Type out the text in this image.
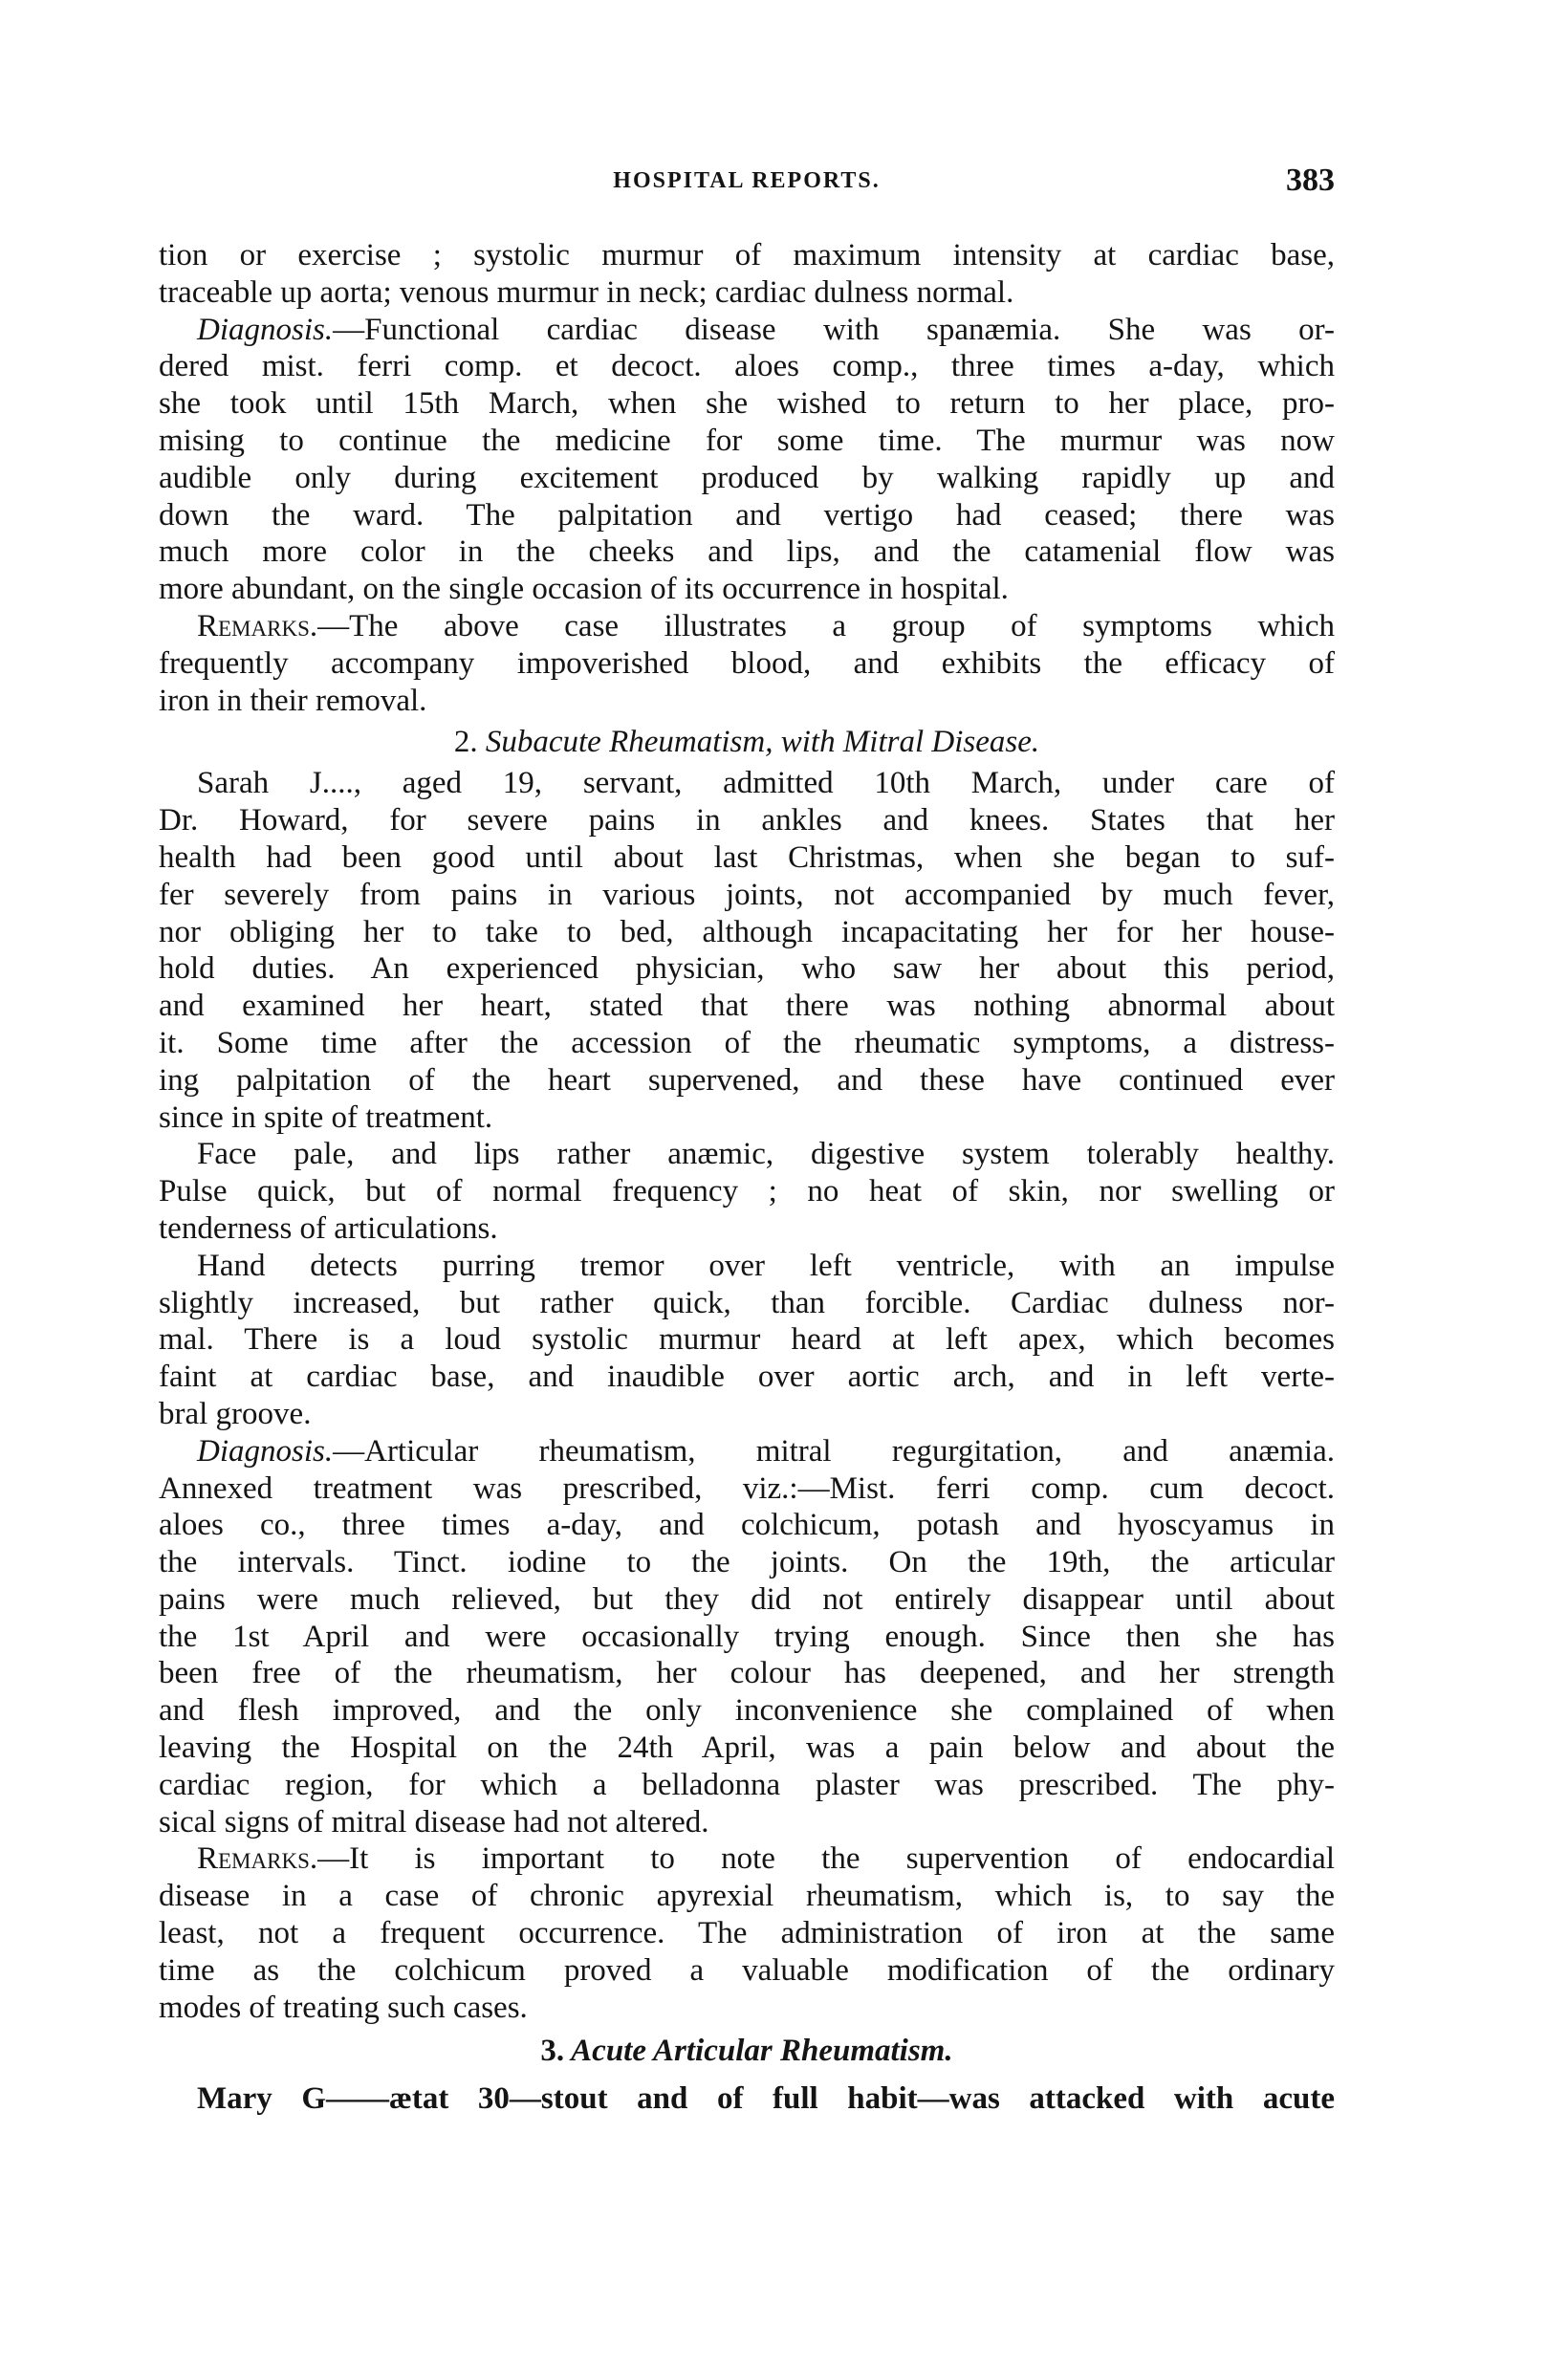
HOSPITAL REPORTS.	383
tion or exercise ; systolic murmur of maximum intensity at cardiac base,
traceable up aorta; venous murmur in neck; cardiac dulness normal.
Diagnosis.—Functional cardiac disease with spanæmia. She was or-
dered mist. ferri comp. et decoct. aloes comp., three times a-day, which
she took until 15th March, when she wished to return to her place, pro-
mising to continue the medicine for some time. The murmur was now
audible only during excitement produced by walking rapidly up and
down the ward. The palpitation and vertigo had ceased; there was
much more color in the cheeks and lips, and the catamenial flow was
more abundant, on the single occasion of its occurrence in hospital.
Remarks.—The above case illustrates a group of symptoms which
frequently accompany impoverished blood, and exhibits the efficacy of
iron in their removal.
2. Subacute Rheumatism, with Mitral Disease.
Sarah J...., aged 19, servant, admitted 10th March, under care of
Dr. Howard, for severe pains in ankles and knees. States that her
health had been good until about last Christmas, when she began to suf-
fer severely from pains in various joints, not accompanied by much fever,
nor obliging her to take to bed, although incapacitating her for her house-
hold duties. An experienced physician, who saw her about this period,
and examined her heart, stated that there was nothing abnormal about
it. Some time after the accession of the rheumatic symptoms, a distress-
ing palpitation of the heart supervened, and these have continued ever
since in spite of treatment.
Face pale, and lips rather anæmic, digestive system tolerably healthy.
Pulse quick, but of normal frequency ; no heat of skin, nor swelling or
tenderness of articulations.
Hand detects purring tremor over left ventricle, with an impulse
slightly increased, but rather quick, than forcible. Cardiac dulness nor-
mal. There is a loud systolic murmur heard at left apex, which becomes
faint at cardiac base, and inaudible over aortic arch, and in left verte-
bral groove.
Diagnosis.—Articular rheumatism, mitral regurgitation, and anæmia.
Annexed treatment was prescribed, viz.:—Mist. ferri comp. cum decoct.
aloes co., three times a-day, and colchicum, potash and hyoscyamus in
the intervals. Tinct. iodine to the joints. On the 19th, the articular
pains were much relieved, but they did not entirely disappear until about
the 1st April and were occasionally trying enough. Since then she has
been free of the rheumatism, her colour has deepened, and her strength
and flesh improved, and the only inconvenience she complained of when
leaving the Hospital on the 24th April, was a pain below and about the
cardiac region, for which a belladonna plaster was prescribed. The phy-
sical signs of mitral disease had not altered.
Remarks.—It is important to note the supervention of endocardial
disease in a case of chronic apyrexial rheumatism, which is, to say the
least, not a frequent occurrence. The administration of iron at the same
time as the colchicum proved a valuable modification of the ordinary
modes of treating such cases.
3. Acute Articular Rheumatism.
Mary G——ætat 30—stout and of full habit—was attacked with acute
